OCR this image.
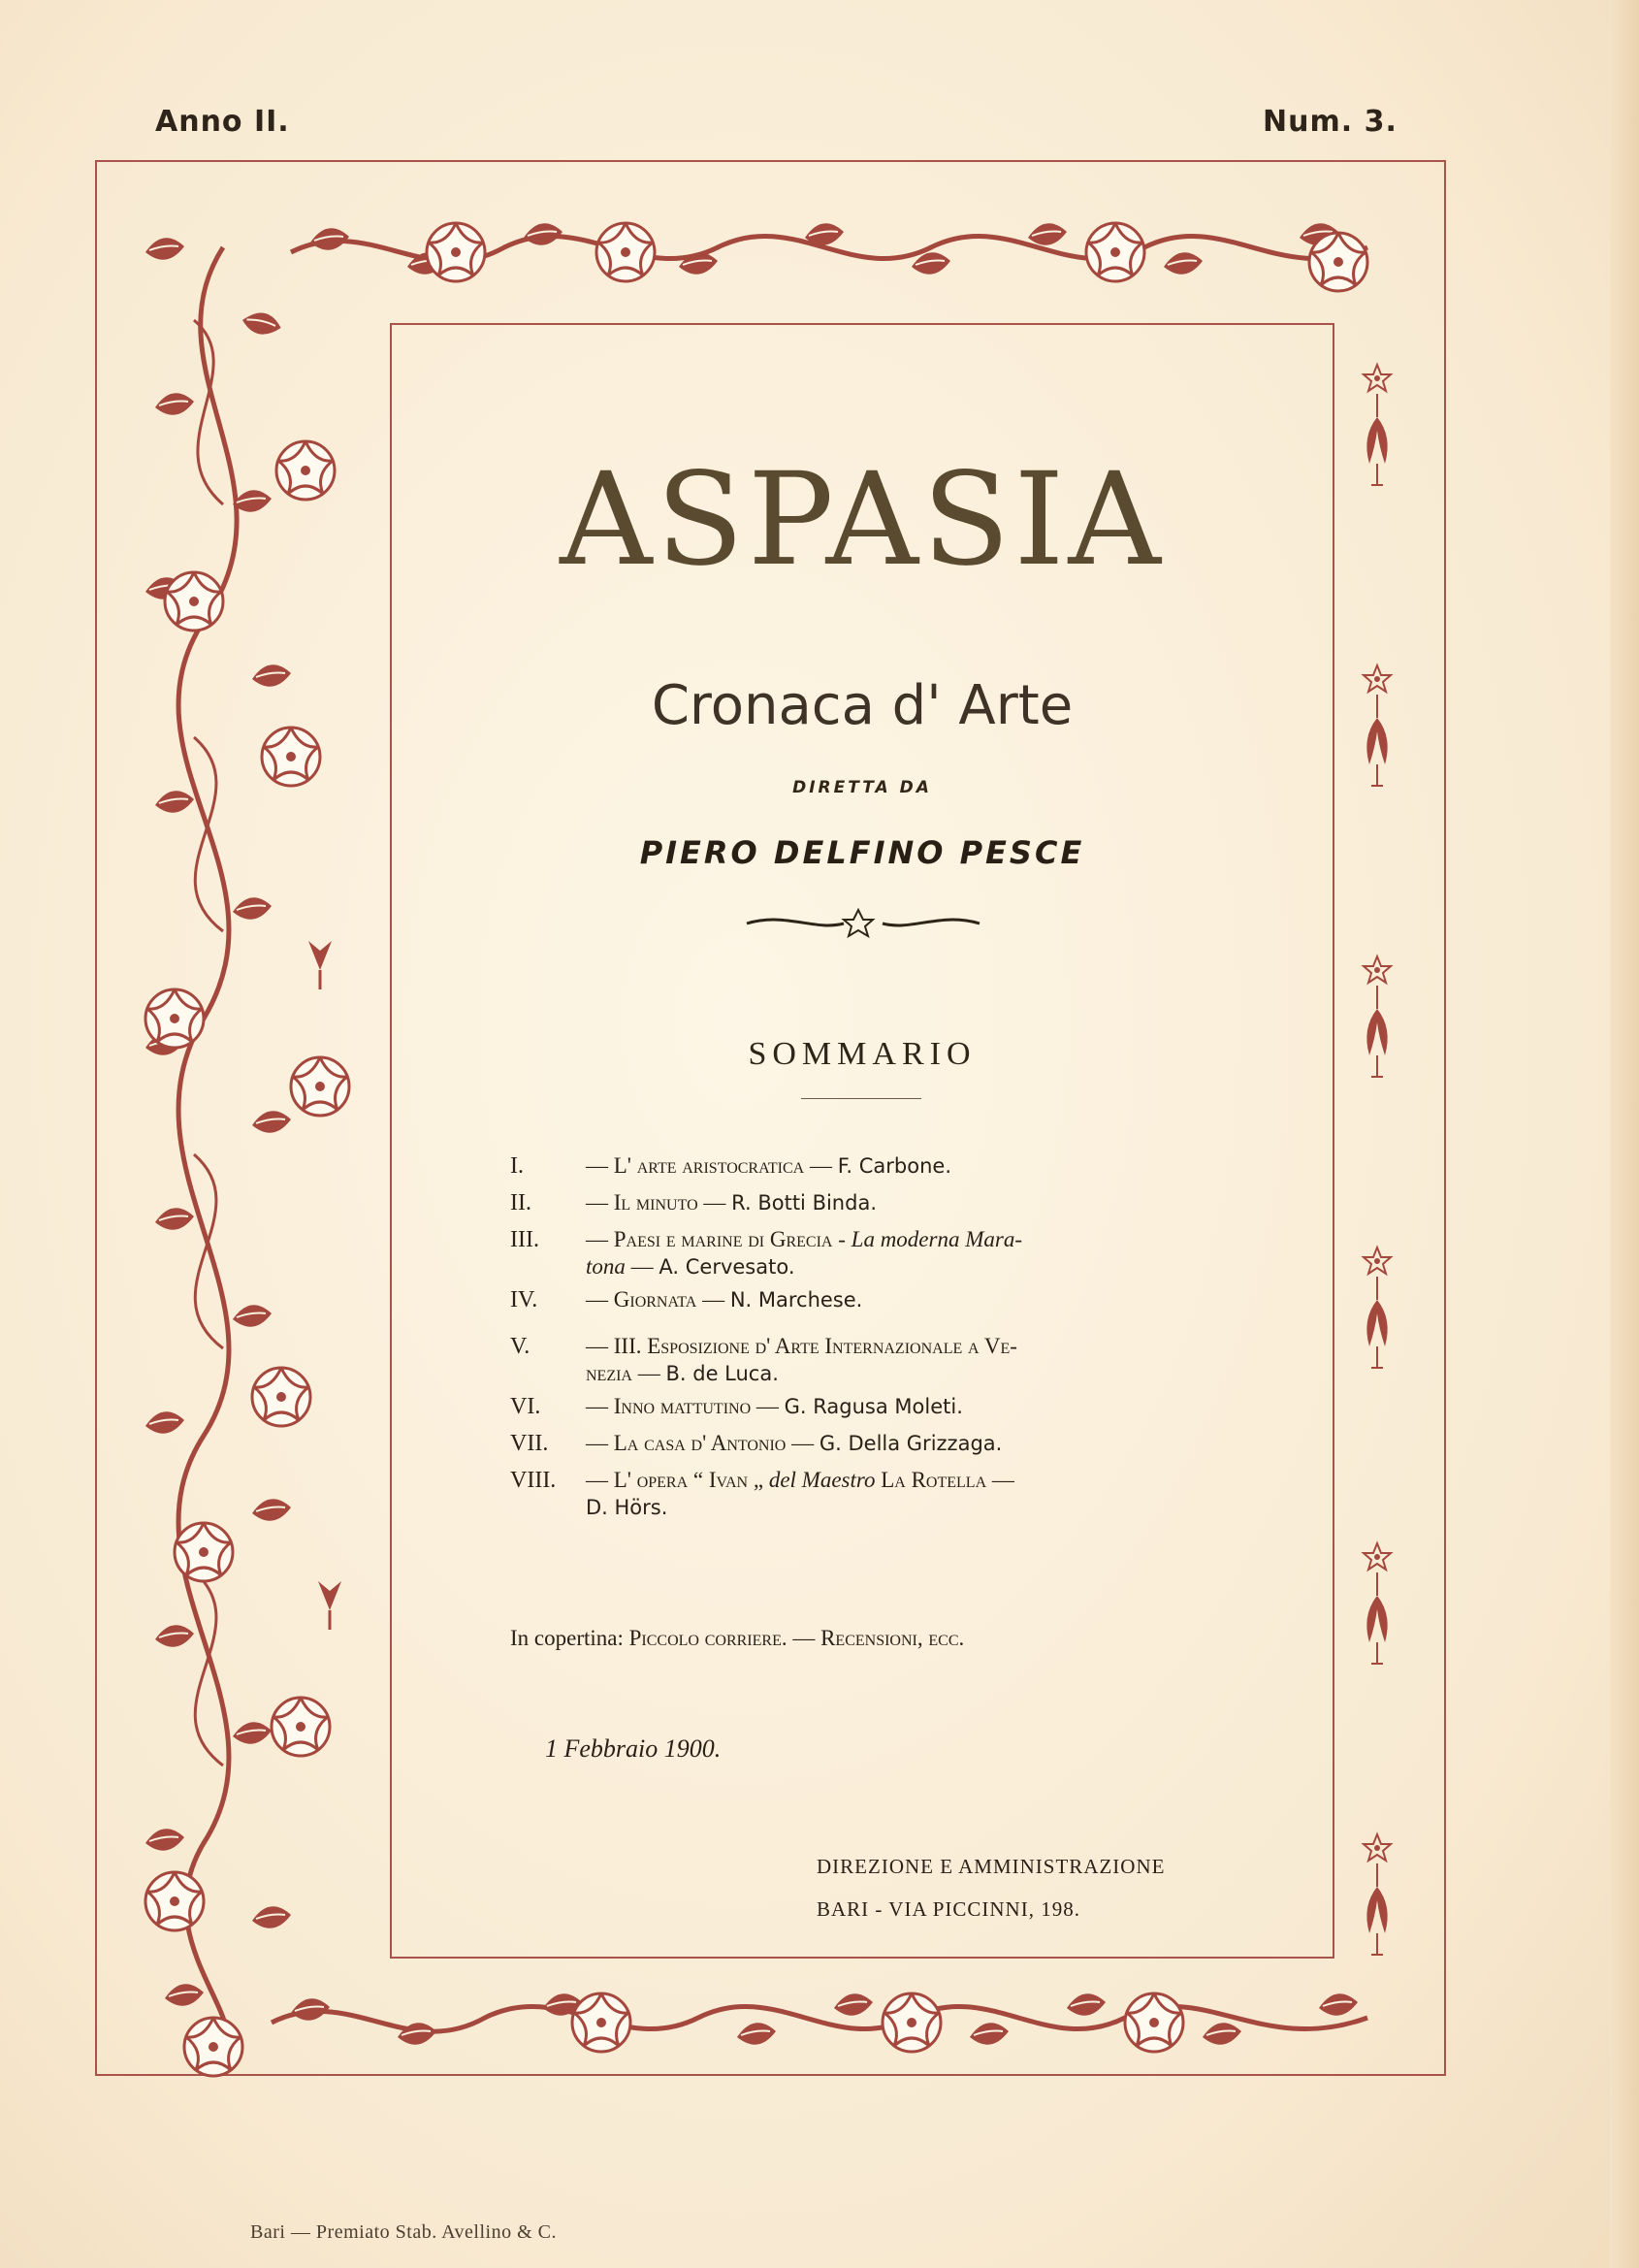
Anno II.	Num. 3.
ASPASIA
Cronaca d' Arte
DIRETTA DA
PIERO DELFINO PESCE
SOMMARIO
I.	— L' arte aristocratica — F. Carbone.
II.	— Il minuto — R. Botti Binda.
III.	— Paesi e marine di Grecia - La moderna Mara-
tona — A. Cervesato.
IV.	— Giornata — N. Marchese.
V.	— III. Esposizione d' Arte Internazionale a Ve-
nezia — B. de Luca.
VI.	— Inno mattutino — G. Ragusa Moleti.
VII.	— La casa d' Antonio — G. Della Grizzaga.
VIII.	— L' opera “ Ivan „ del Maestro La Rotella —
D. Hörs.
In copertina: Piccolo corriere. — Recensioni, ecc.
1 Febbraio 1900.
DIREZIONE E AMMINISTRAZIONE
BARI - VIA PICCINNI, 198.
Bari — Premiato Stab. Avellino & C.
